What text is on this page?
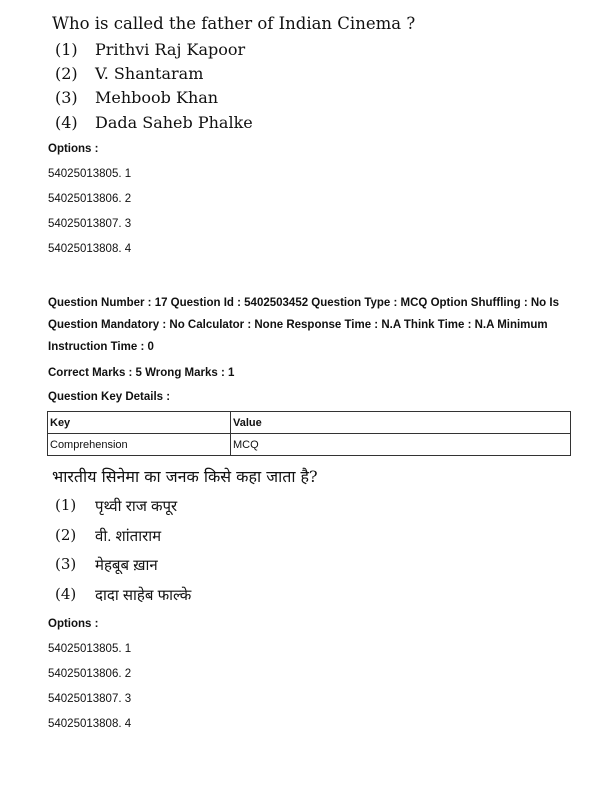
Who is called the father of Indian Cinema ?
(1)	Prithvi Raj Kapoor
(2)	V. Shantaram
(3)	Mehboob Khan
(4)	Dada Saheb Phalke
Options :
54025013805. 1
54025013806. 2
54025013807. 3
54025013808. 4
Question Number : 17 Question Id : 5402503452 Question Type : MCQ Option Shuffling : No Is
Question Mandatory : No Calculator : None Response Time : N.A Think Time : N.A Minimum
Instruction Time : 0
Correct Marks : 5 Wrong Marks : 1
Question Key Details :
Key	Value
Comprehension	MCQ
भारतीय सिनेमा का जनक किसे कहा जाता है?
(1)	पृथ्वी राज कपूर
(2)	वी. शांताराम
(3)	मेहबूब ख़ान
(4)	दादा साहेब फाल्के
Options :
54025013805. 1
54025013806. 2
54025013807. 3
54025013808. 4
